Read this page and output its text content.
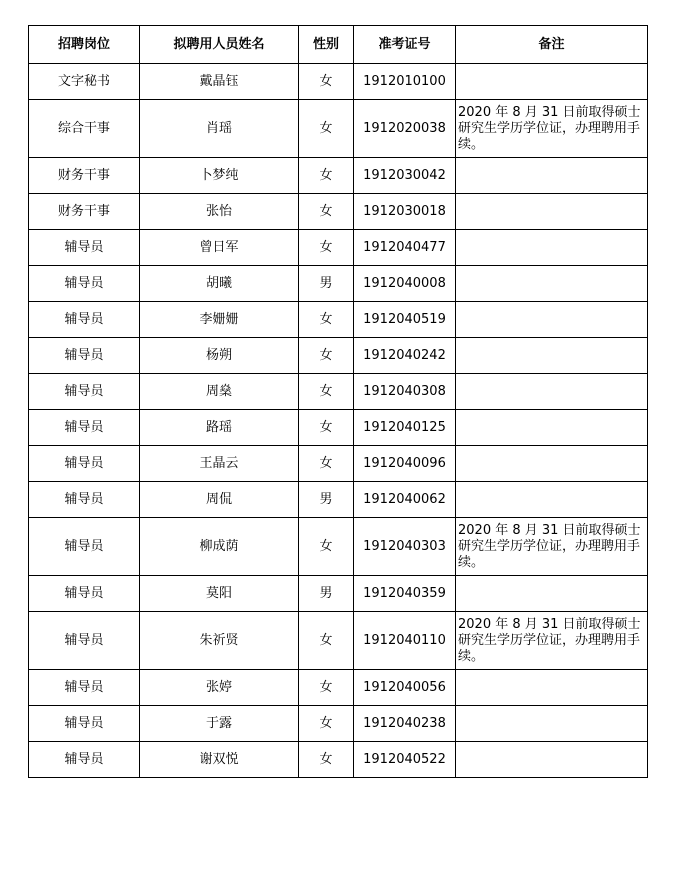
招聘岗位	拟聘用人员姓名	性别	准考证号	备注
文字秘书	戴晶钰	女	1912010100	
综合干事	肖瑶	女	1912020038	2020 年 8 月 31 日前取得硕士研究生学历学位证，办理聘用手续。
财务干事	卜梦纯	女	1912030042	
财务干事	张怡	女	1912030018	
辅导员	曾日军	女	1912040477	
辅导员	胡曦	男	1912040008	
辅导员	李姗姗	女	1912040519	
辅导员	杨朔	女	1912040242	
辅导员	周燊	女	1912040308	
辅导员	路瑶	女	1912040125	
辅导员	王晶云	女	1912040096	
辅导员	周侃	男	1912040062	
辅导员	柳成荫	女	1912040303	2020 年 8 月 31 日前取得硕士研究生学历学位证，办理聘用手续。
辅导员	莫阳	男	1912040359	
辅导员	朱祈贤	女	1912040110	2020 年 8 月 31 日前取得硕士研究生学历学位证，办理聘用手续。
辅导员	张婷	女	1912040056	
辅导员	于露	女	1912040238	
辅导员	谢双悦	女	1912040522	
